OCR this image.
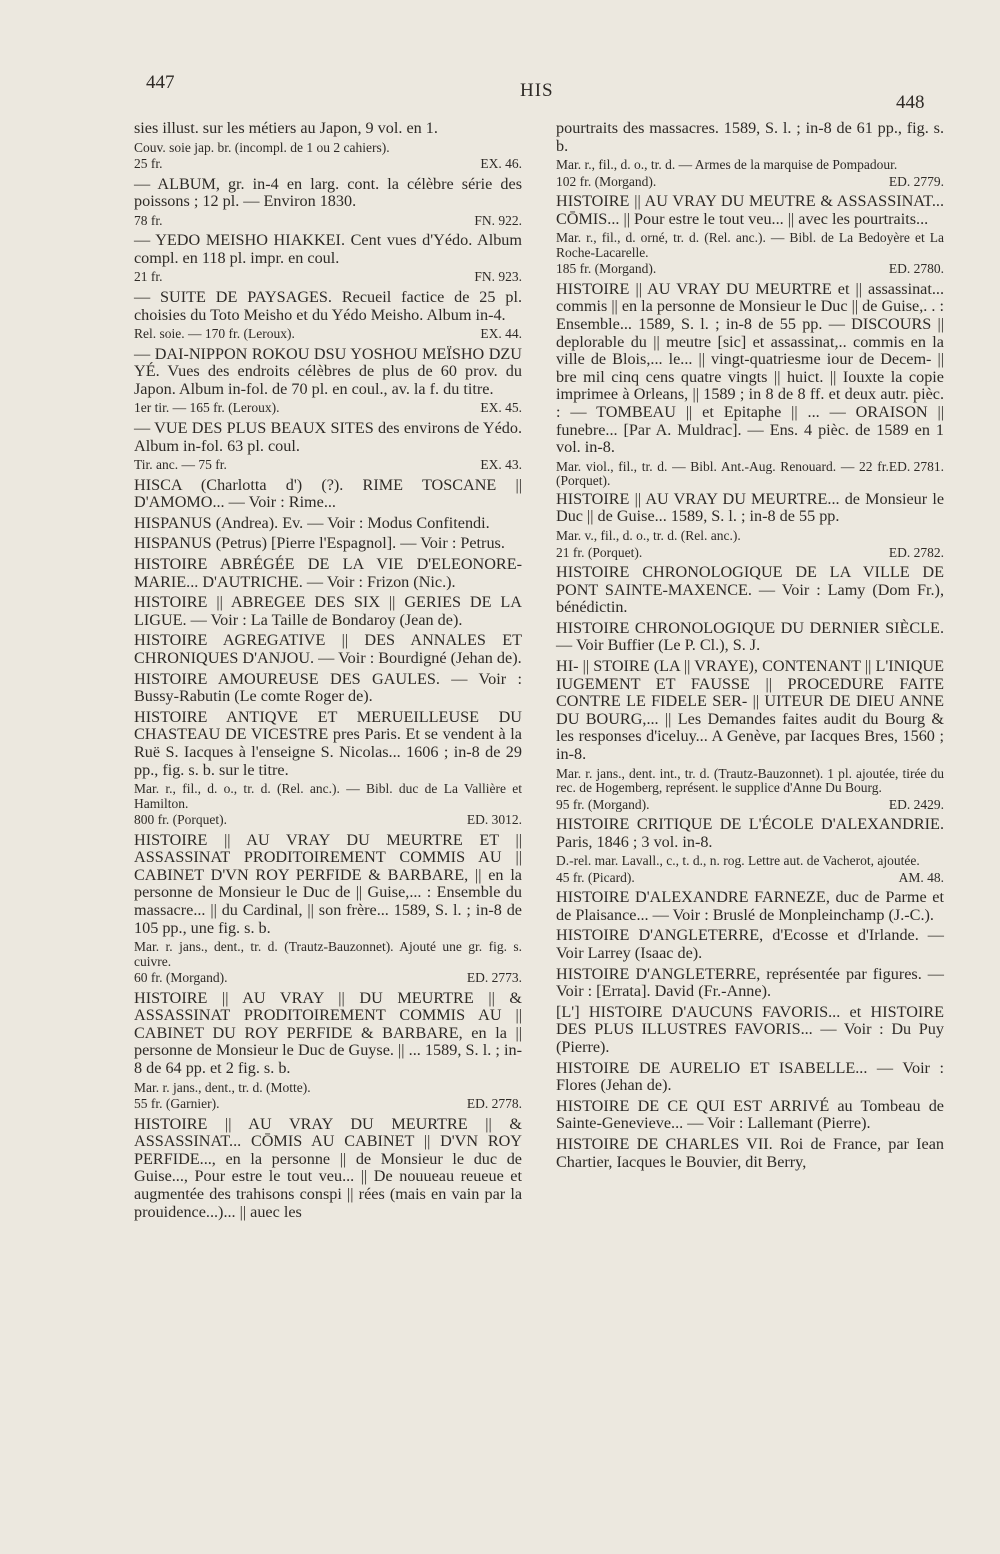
447	HIS
448
sies illust. sur les métiers au Japon, 9 vol. en 1.
Couv. soie jap. br. (incompl. de 1 ou 2 cahiers).
EX. 46.
25 fr.
— ALBUM, gr. in-4 en larg. cont. la célèbre série des poissons ; 12 pl. — Environ 1830.
FN. 922.
78 fr.
— YEDO MEISHO HIAKKEI. Cent vues d'Yédo. Album compl. en 118 pl. impr. en coul.
FN. 923.
21 fr.
— SUITE DE PAYSAGES. Recueil factice de 25 pl. choisies du Toto Meisho et du Yédo Meisho. Album in-4.
EX. 44.
Rel. soie. — 170 fr. (Leroux).
— DAI-NIPPON ROKOU DSU YOSHOU MEÏSHO DZU YÉ. Vues des endroits célèbres de plus de 60 prov. du Japon. Album in-fol. de 70 pl. en coul., av. la f. du titre.
EX. 45.
1er tir. — 165 fr. (Leroux).
— VUE DES PLUS BEAUX SITES des environs de Yédo. Album in-fol. 63 pl. coul.
EX. 43.
Tir. anc. — 75 fr.
HISCA (Charlotta d') (?). RIME TOSCANE || D'AMOMO... — Voir : Rime...
HISPANUS (Andrea). Ev. — Voir : Modus Confitendi.
HISPANUS (Petrus) [Pierre l'Espagnol]. — Voir : Petrus.
HISTOIRE ABRÉGÉE DE LA VIE D'ELEONORE-MARIE... D'AUTRICHE. — Voir : Frizon (Nic.).
HISTOIRE || ABREGEE DES SIX || GERIES DE LA LIGUE. — Voir : La Taille de Bondaroy (Jean de).
HISTOIRE AGREGATIVE || DES ANNALES ET CHRONIQUES D'ANJOU. — Voir : Bourdigné (Jehan de).
HISTOIRE AMOUREUSE DES GAULES. — Voir : Bussy-Rabutin (Le comte Roger de).
HISTOIRE ANTIQVE ET MERUEILLEUSE DU CHASTEAU DE VICESTRE pres Paris. Et se vendent à la Ruë S. Iacques à l'enseigne S. Nicolas... 1606 ; in-8 de 29 pp., fig. s. b. sur le titre.
Mar. r., fil., d. o., tr. d. (Rel. anc.). — Bibl. duc de La Vallière et Hamilton.
ED. 3012.
800 fr. (Porquet).
HISTOIRE || AU VRAY DU MEURTRE ET || ASSASSINAT PRODITOIREMENT COMMIS AU || CABINET D'VN ROY PERFIDE & BARBARE, || en la personne de Monsieur le Duc de || Guise,... : Ensemble du massacre... || du Cardinal, || son frère... 1589, S. l. ; in-8 de 105 pp., une fig. s. b.
Mar. r. jans., dent., tr. d. (Trautz-Bauzonnet). Ajouté une gr. fig. s. cuivre.
ED. 2773.
60 fr. (Morgand).
HISTOIRE || AU VRAY || DU MEURTRE || & ASSASSINAT PRODITOIREMENT COMMIS AU || CABINET DU ROY PERFIDE & BARBARE, en la || personne de Monsieur le Duc de Guyse. || ... 1589, S. l. ; in-8 de 64 pp. et 2 fig. s. b.
Mar. r. jans., dent., tr. d. (Motte).
ED. 2778.
55 fr. (Garnier).
HISTOIRE || AU VRAY DU MEURTRE || & ASSASSINAT... CŌMIS AU CABINET || D'VN ROY PERFIDE..., en la personne || de Monsieur le duc de Guise..., Pour estre le tout veu... || De nouueau reueue et augmentée des trahisons conspi || rées (mais en vain par la prouidence...)... || auec les
pourtraits des massacres. 1589, S. l. ; in-8 de 61 pp., fig. s. b.
Mar. r., fil., d. o., tr. d. — Armes de la marquise de Pompadour.
ED. 2779.
102 fr. (Morgand).
HISTOIRE || AU VRAY DU MEUTRE & ASSASSINAT... CŌMIS... || Pour estre le tout veu... || avec les pourtraits...
Mar. r., fil., d. orné, tr. d. (Rel. anc.). — Bibl. de La Bedoyère et La Roche-Lacarelle.
ED. 2780.
185 fr. (Morgand).
HISTOIRE || AU VRAY DU MEURTRE et || assassinat... commis || en la personne de Monsieur le Duc || de Guise,. . : Ensemble... 1589, S. l. ; in-8 de 55 pp. — DISCOURS || deplorable du || meutre [sic] et assassinat,.. commis en la ville de Blois,... le... || vingt-quatriesme iour de Decem- || bre mil cinq cens quatre vingts || huict. || Iouxte la copie imprimee à Orleans, || 1589 ; in 8 de 8 ff. et deux autr. pièc. : — TOMBEAU || et Epitaphe || ... — ORAISON || funebre... [Par A. Muldrac]. — Ens. 4 pièc. de 1589 en 1 vol. in-8.
ED. 2781.
Mar. viol., fil., tr. d. — Bibl. Ant.-Aug. Renouard. — 22 fr. (Porquet).
HISTOIRE || AU VRAY DU MEURTRE... de Monsieur le Duc || de Guise... 1589, S. l. ; in-8 de 55 pp.
Mar. v., fil., d. o., tr. d. (Rel. anc.).
ED. 2782.
21 fr. (Porquet).
HISTOIRE CHRONOLOGIQUE DE LA VILLE DE PONT SAINTE-MAXENCE. — Voir : Lamy (Dom Fr.), bénédictin.
HISTOIRE CHRONOLOGIQUE DU DERNIER SIÈCLE. — Voir Buffier (Le P. Cl.), S. J.
HI- || STOIRE (LA || VRAYE), CONTENANT || L'INIQUE IUGEMENT ET FAUSSE || PROCEDURE FAITE CONTRE LE FIDELE SER- || UITEUR DE DIEU ANNE DU BOURG,... || Les Demandes faites audit du Bourg & les responses d'iceluy... A Genève, par Iacques Bres, 1560 ; in-8.
Mar. r. jans., dent. int., tr. d. (Trautz-Bauzonnet). 1 pl. ajoutée, tirée du rec. de Hogemberg, représent. le supplice d'Anne Du Bourg.
ED. 2429.
95 fr. (Morgand).
HISTOIRE CRITIQUE DE L'ÉCOLE D'ALEXANDRIE. Paris, 1846 ; 3 vol. in-8.
D.-rel. mar. Lavall., c., t. d., n. rog. Lettre aut. de Vacherot, ajoutée.
AM. 48.
45 fr. (Picard).
HISTOIRE D'ALEXANDRE FARNEZE, duc de Parme et de Plaisance... — Voir : Bruslé de Monpleinchamp (J.-C.).
HISTOIRE D'ANGLETERRE, d'Ecosse et d'Irlande. — Voir Larrey (Isaac de).
HISTOIRE D'ANGLETERRE, représentée par figures. — Voir : [Errata]. David (Fr.-Anne).
[L'] HISTOIRE D'AUCUNS FAVORIS... et HISTOIRE DES PLUS ILLUSTRES FAVORIS... — Voir : Du Puy (Pierre).
HISTOIRE DE AURELIO ET ISABELLE... — Voir : Flores (Jehan de).
HISTOIRE DE CE QUI EST ARRIVÉ au Tombeau de Sainte-Genevieve... — Voir : Lallemant (Pierre).
HISTOIRE DE CHARLES VII. Roi de France, par Iean Chartier, Iacques le Bouvier, dit Berry,
